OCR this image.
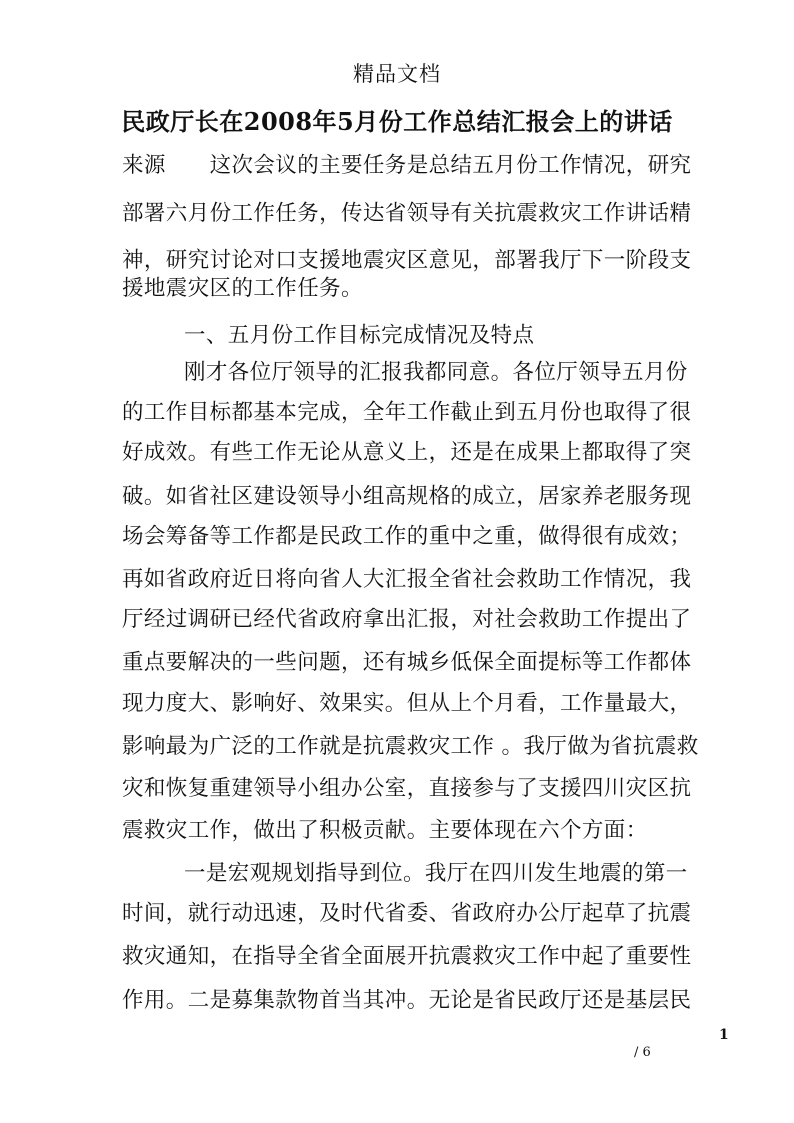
精品文档
民政厅长在2008年5月份工作总结汇报会上的讲话
来源　　这次会议的主要任务是总结五月份工作情况，研究
部署六月份工作任务，传达省领导有关抗震救灾工作讲话精
神，研究讨论对口支援地震灾区意见，部署我厅下一阶段支
援地震灾区的工作任务。
一、五月份工作目标完成情况及特点
刚才各位厅领导的汇报我都同意。各位厅领导五月份
的工作目标都基本完成，全年工作截止到五月份也取得了很
好成效。有些工作无论从意义上，还是在成果上都取得了突
破。如省社区建设领导小组高规格的成立，居家养老服务现
场会筹备等工作都是民政工作的重中之重，做得很有成效；
再如省政府近日将向省人大汇报全省社会救助工作情况，我
厅经过调研已经代省政府拿出汇报，对社会救助工作提出了
重点要解决的一些问题，还有城乡低保全面提标等工作都体
现力度大、影响好、效果实。但从上个月看，工作量最大，
影响最为广泛的工作就是抗震救灾工作 。我厅做为省抗震救
灾和恢复重建领导小组办公室，直接参与了支援四川灾区抗
震救灾工作，做出了积极贡献。主要体现在六个方面：
一是宏观规划指导到位。我厅在四川发生地震的第一
时间，就行动迅速，及时代省委、省政府办公厅起草了抗震
救灾通知，在指导全省全面展开抗震救灾工作中起了重要性
作用。二是募集款物首当其冲。无论是省民政厅还是基层民
1
/ 6
